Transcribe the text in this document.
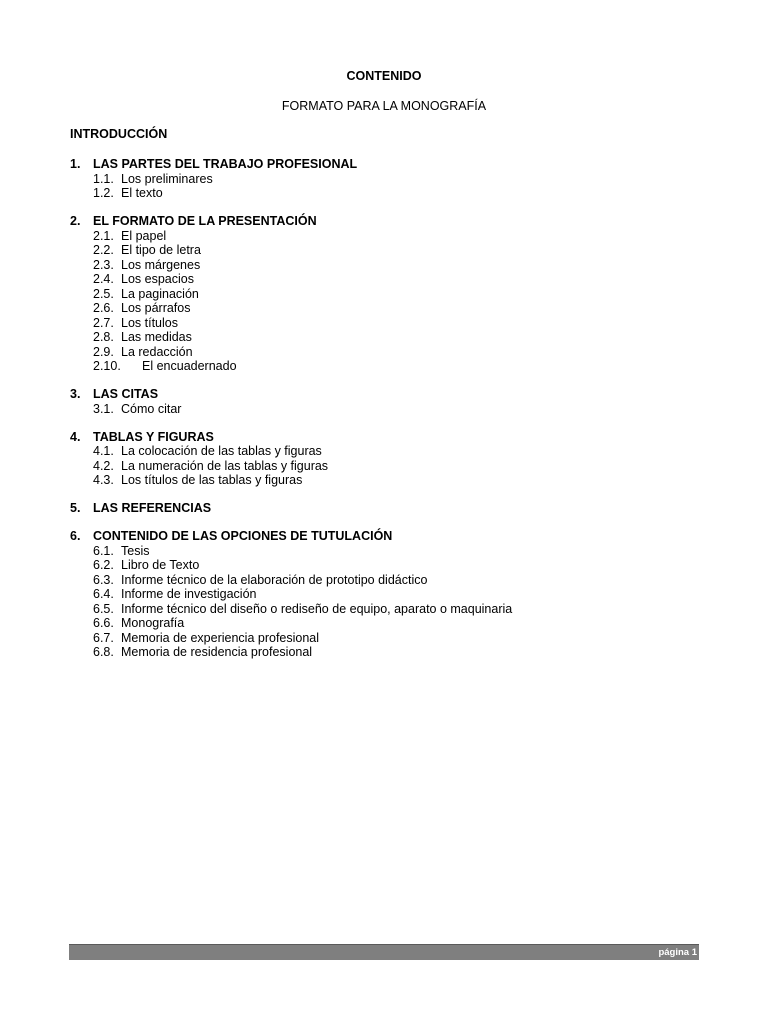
CONTENIDO
FORMATO PARA LA MONOGRAFÍA
INTRODUCCIÓN
1.	LAS PARTES DEL TRABAJO PROFESIONAL
1.1. Los preliminares
1.2. El texto
2.	EL FORMATO DE LA PRESENTACIÓN
2.1. El papel
2.2. El tipo de letra
2.3. Los márgenes
2.4. Los espacios
2.5. La paginación
2.6. Los párrafos
2.7. Los títulos
2.8. Las medidas
2.9. La redacción
2.10.	El encuadernado
3.	LAS CITAS
3.1. Cómo citar
4.	TABLAS Y FIGURAS
4.1. La colocación de las tablas y figuras
4.2. La numeración de las tablas y figuras
4.3. Los títulos de las tablas y figuras
5.	LAS REFERENCIAS
6.	CONTENIDO DE LAS OPCIONES DE TUTULACIÓN
6.1. Tesis
6.2. Libro de Texto
6.3. Informe técnico de la elaboración de prototipo didáctico
6.4. Informe de investigación
6.5. Informe técnico del diseño o rediseño de equipo, aparato o maquinaria
6.6. Monografía
6.7. Memoria de experiencia profesional
6.8. Memoria de residencia profesional
página 1
